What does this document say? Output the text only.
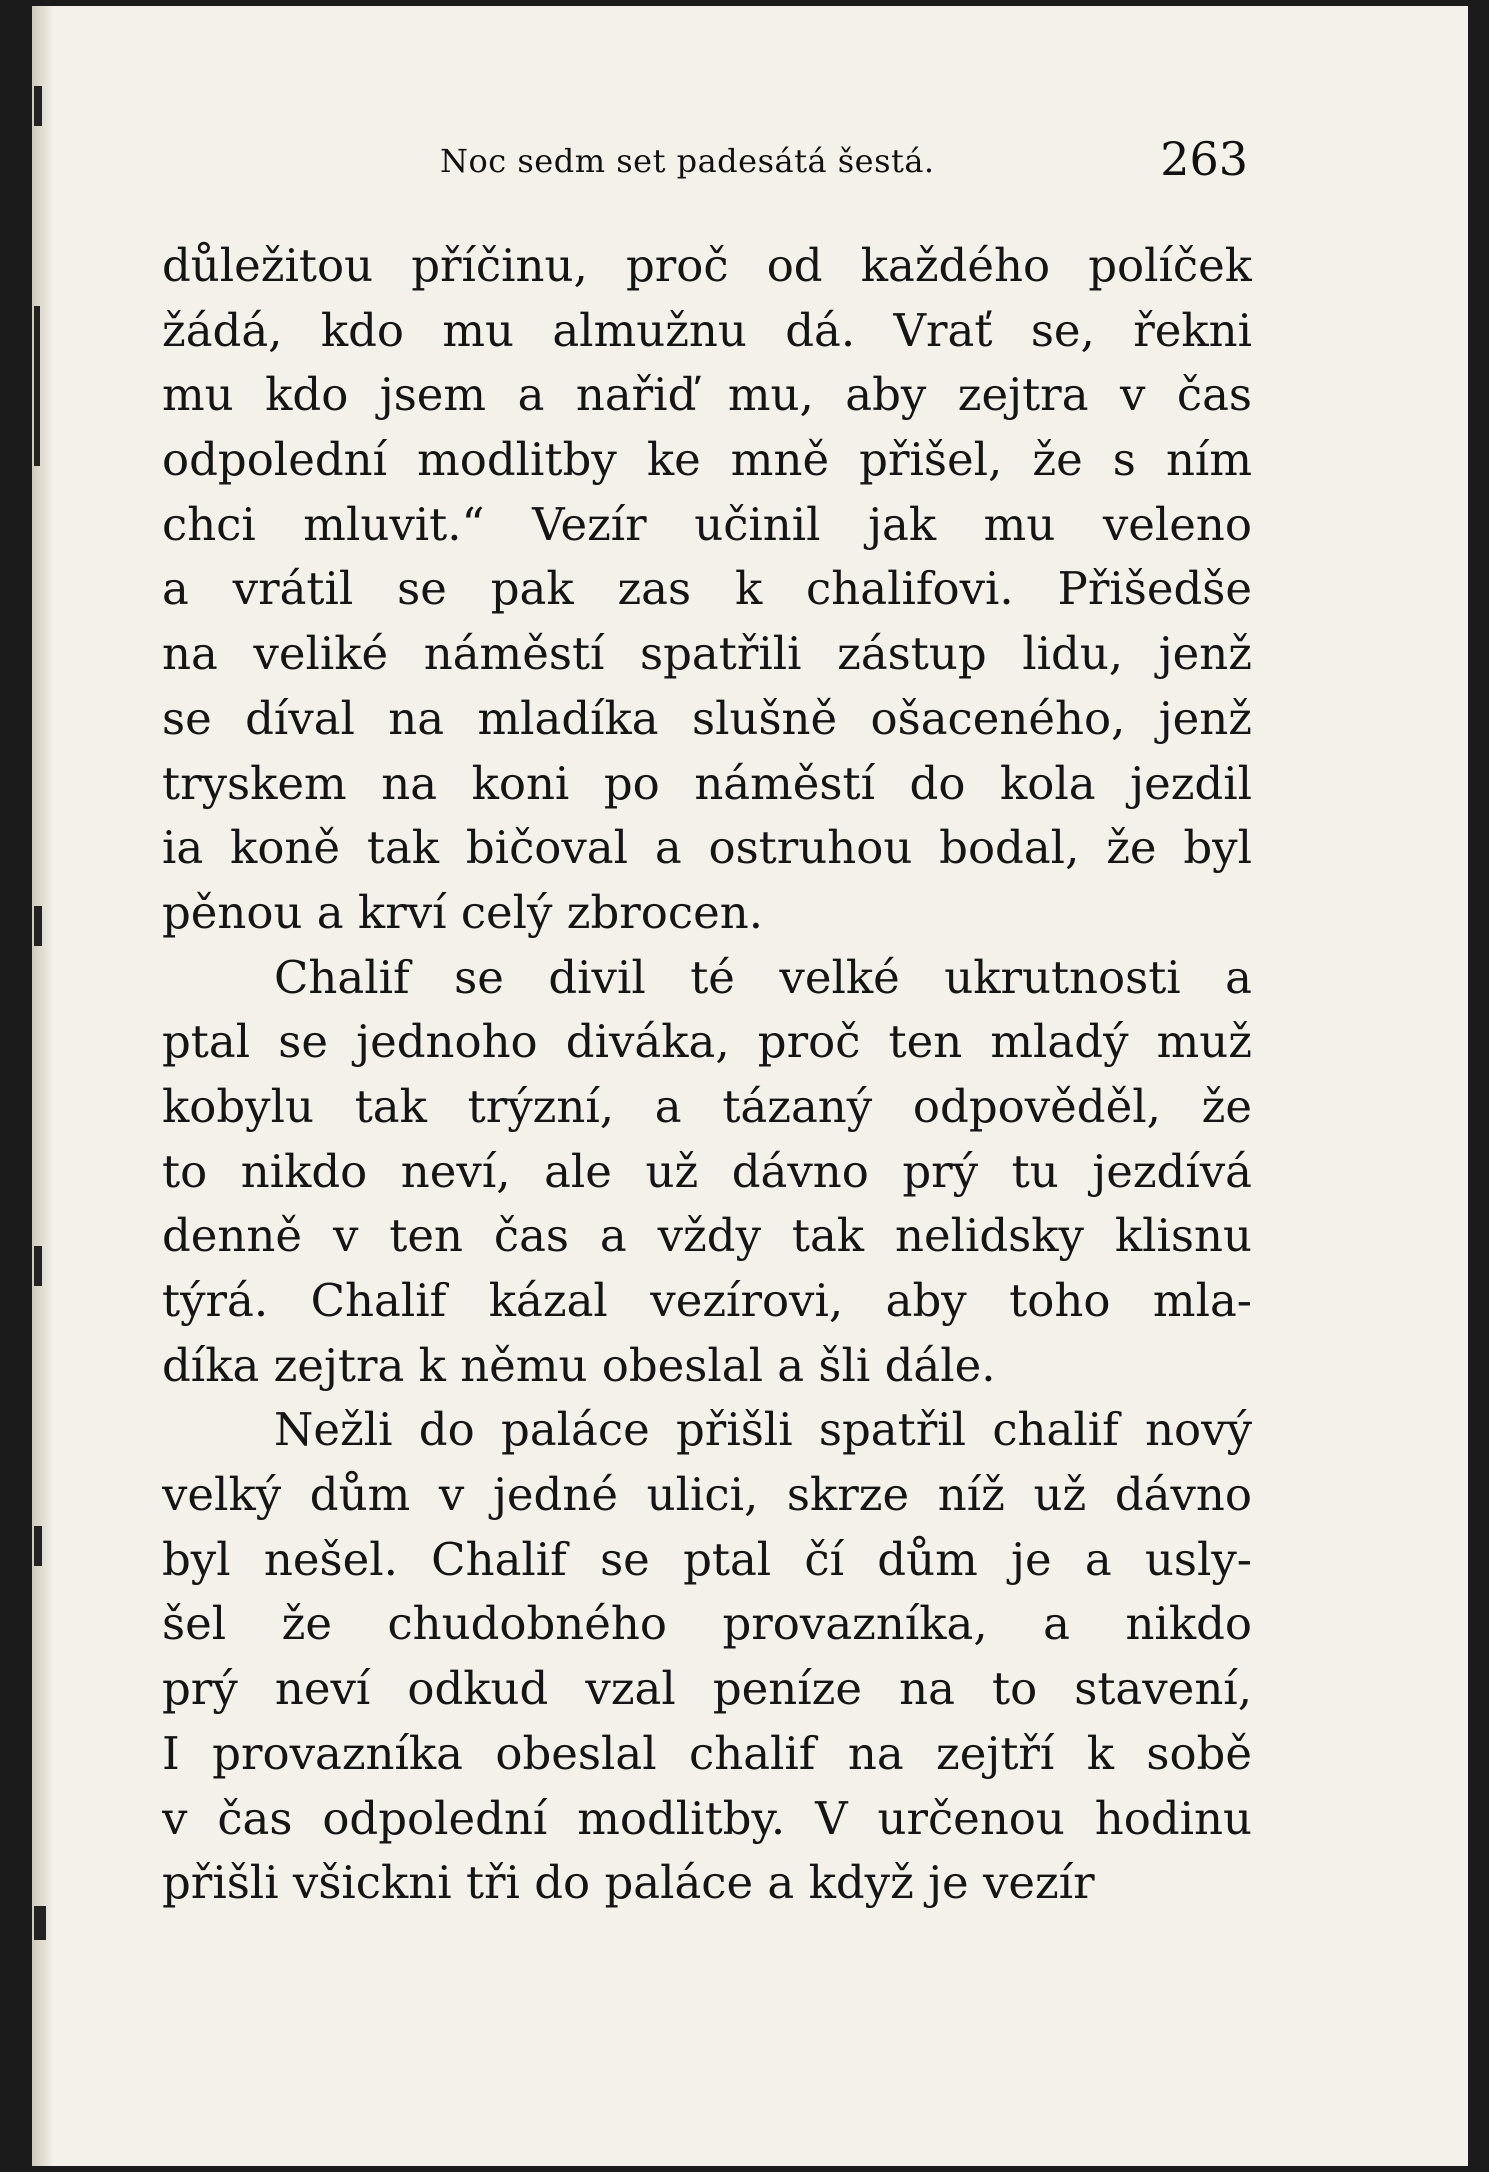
Noc sedm set padesátá šestá.	263
důležitou příčinu, proč od každého políček
žádá, kdo mu almužnu dá. Vrať se, řekni
mu kdo jsem a nařiď mu, aby zejtra v čas
odpolední modlitby ke mně přišel, že s ním
chci mluvit.“ Vezír učinil jak mu veleno
a vrátil se pak zas k chalifovi. Přišedše
na veliké náměstí spatřili zástup lidu, jenž
se díval na mladíka slušně ošaceného, jenž
tryskem na koni po náměstí do kola jezdil
ia koně tak bičoval a ostruhou bodal, že byl
pěnou a krví celý zbrocen.
Chalif se divil té velké ukrutnosti a
ptal se jednoho diváka, proč ten mladý muž
kobylu tak trýzní, a tázaný odpověděl, že
to nikdo neví, ale už dávno prý tu jezdívá
denně v ten čas a vždy tak nelidsky klisnu
týrá. Chalif kázal vezírovi, aby toho mla-
díka zejtra k němu obeslal a šli dále.
Nežli do paláce přišli spatřil chalif nový
velký dům v jedné ulici, skrze níž už dávno
byl nešel. Chalif se ptal čí dům je a usly-
šel že chudobného provazníka, a nikdo
prý neví odkud vzal peníze na to stavení,
I provazníka obeslal chalif na zejtří k sobě
v čas odpolední modlitby. V určenou hodinu
přišli všickni tři do paláce a když je vezír
